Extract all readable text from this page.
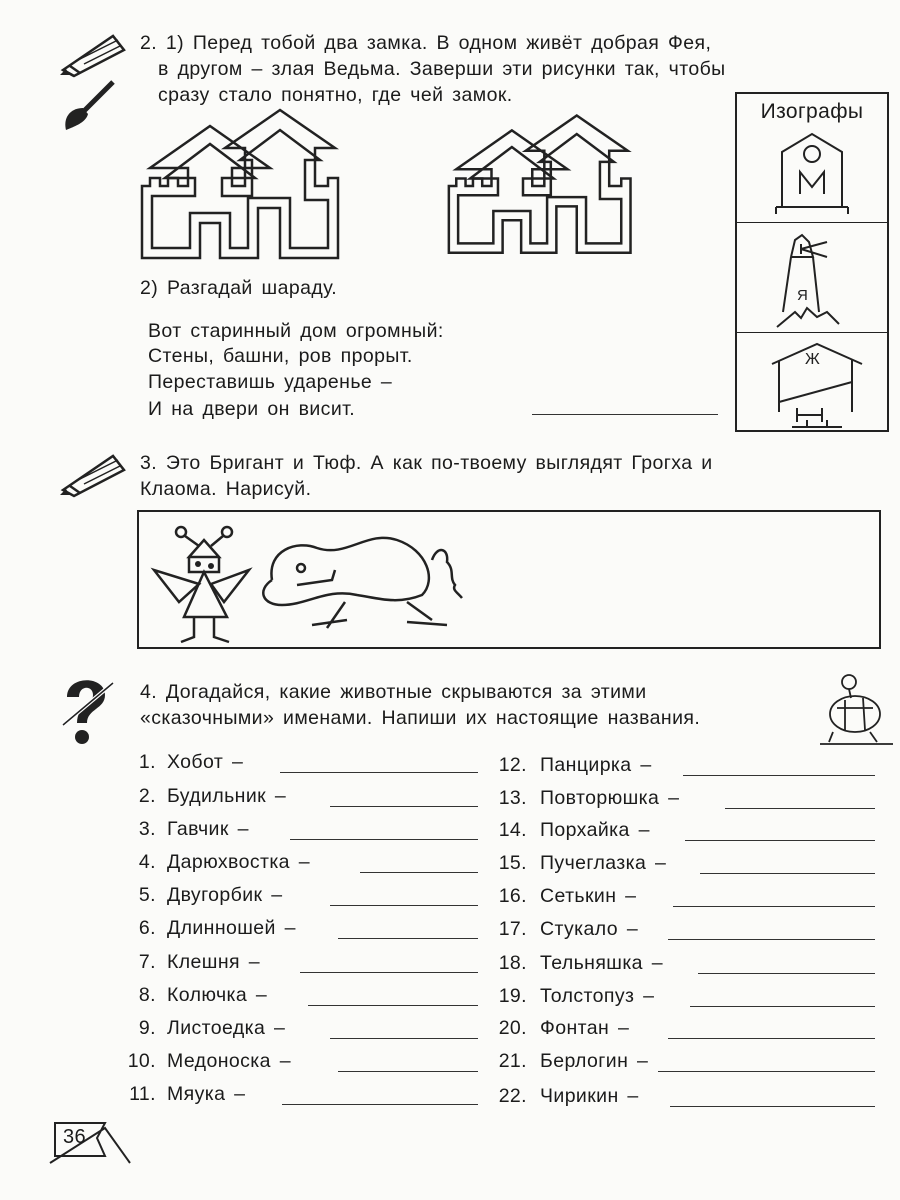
2. 1) Перед тобой два замка. В одном живёт добрая Фея,
в другом – злая Ведьма. Заверши эти рисунки так, чтобы
сразу стало понятно, где чей замок.
Изографы
Я
Ж
2) Разгадай шараду.
Вот старинный дом огромный:
Стены, башни, ров прорыт.
Переставишь ударенье –
И на двери он висит.
3. Это Бригант и Тюф. А как по-твоему выглядят Грогха и
Клаома. Нарисуй.
4. Догадайся, какие животные скрываются за этими
«сказочными» именами. Напиши их настоящие названия.
36
1. Хобот –
2. Будильник –
3. Гавчик –
4. Дарюхвостка –
5. Двугорбик –
6. Длинношей –
7. Клешня –
8. Колючка –
9. Листоедка –
10. Медоноска –
11. Мяука –
12. Панцирка –
13. Повторюшка –
14. Порхайка –
15. Пучеглазка –
16. Сетькин –
17. Стукало –
18. Тельняшка –
19. Толстопуз –
20. Фонтан –
21. Берлогин –
22. Чирикин –
